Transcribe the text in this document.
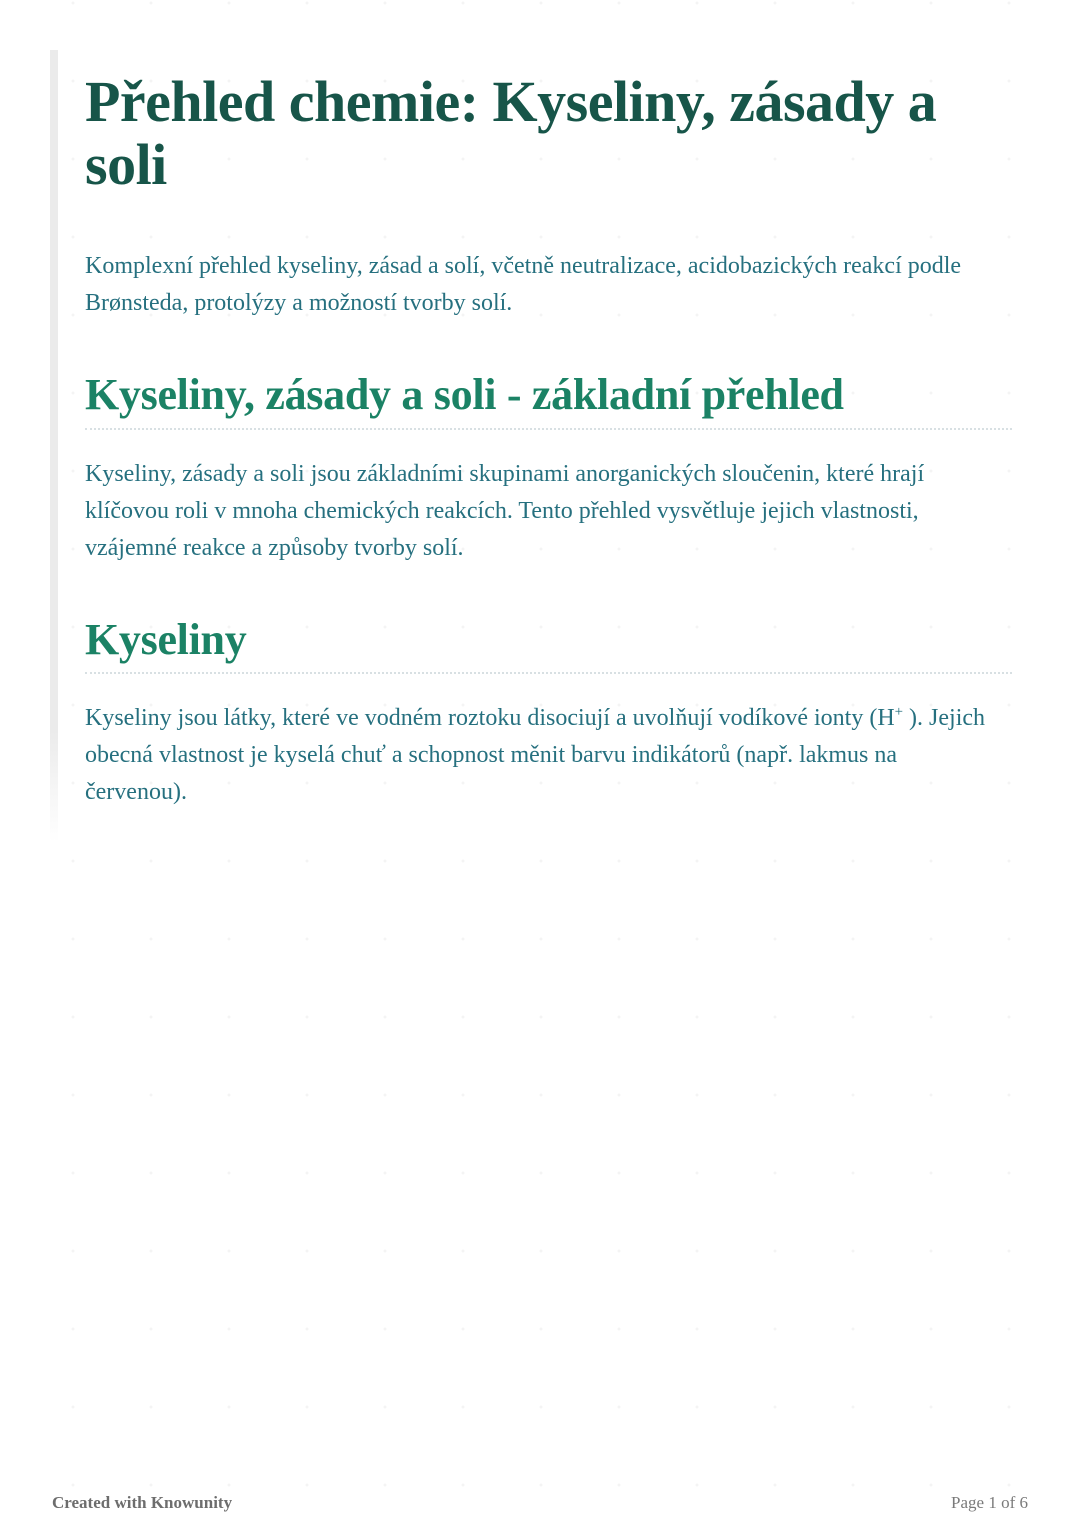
Přehled chemie: Kyseliny, zásady a soli

Komplexní přehled kyseliny, zásad a solí, včetně neutralizace, acidobazických reakcí podle Brønsteda, protolýzy a možností tvorby solí.

Kyseliny, zásady a soli - základní přehled

Kyseliny, zásady a soli jsou základními skupinami anorganických sloučenin, které hrají klíčovou roli v mnoha chemických reakcích. Tento přehled vysvětluje jejich vlastnosti, vzájemné reakce a způsoby tvorby solí.

Kyseliny

Kyseliny jsou látky, které ve vodném roztoku disociují a uvolňují vodíkové ionty (H+ ). Jejich obecná vlastnost je kyselá chuť a schopnost měnit barvu indikátorů (např. lakmus na červenou).

Created with Knowunity	Page 1 of 6
